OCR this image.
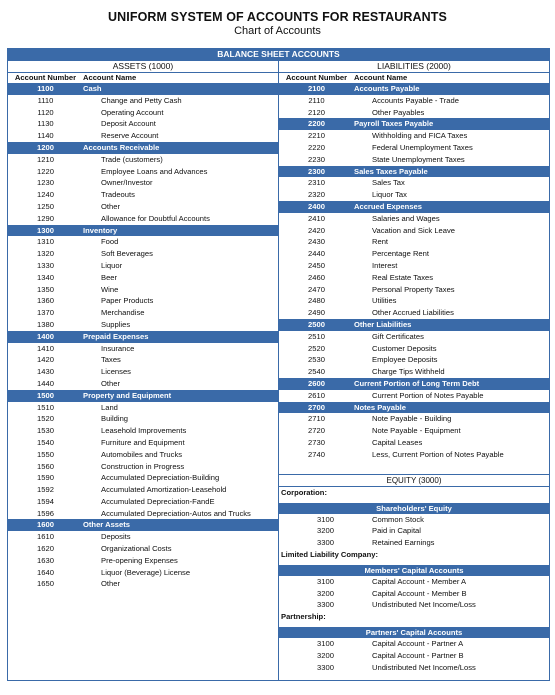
UNIFORM SYSTEM OF ACCOUNTS FOR RESTAURANTS
Chart of Accounts
BALANCE SHEET ACCOUNTS
ASSETS (1000)
Account Number Account Name
1100	Cash
1110	Change and Petty Cash
1120	Operating Account
1130	Deposit Account
1140	Reserve Account
1200	Accounts Receivable
1210	Trade (customers)
1220	Employee Loans and Advances
1230	Owner/Investor
1240	Tradeouts
1250	Other
1290	Allowance for Doubtful Accounts
1300	Inventory
1310	Food
1320	Soft Beverages
1330	Liquor
1340	Beer
1350	Wine
1360	Paper Products
1370	Merchandise
1380	Supplies
1400	Prepaid Expenses
1410	Insurance
1420	Taxes
1430	Licenses
1440	Other
1500	Property and Equipment
1510	Land
1520	Building
1530	Leasehold Improvements
1540	Furniture and Equipment
1550	Automobiles and Trucks
1560	Construction in Progress
1590	Accumulated Depreciation-Building
1592	Accumulated Amortization-Leasehold
1594	Accumulated Depreciation-FandE
1596	Accumulated Depreciation-Autos and Trucks
1600	Other Assets
1610	Deposits
1620	Organizational Costs
1630	Pre-opening Expenses
1640	Liquor (Beverage) License
1650	Other
LIABILITIES (2000)
Account Number Account Name
2100	Accounts Payable
2110	Accounts Payable - Trade
2120	Other Payables
2200	Payroll Taxes Payable
2210	Withholding and FICA Taxes
2220	Federal Unemployment Taxes
2230	State Unemployment Taxes
2300	Sales Taxes Payable
2310	Sales Tax
2320	Liquor Tax
2400	Accrued Expenses
2410	Salaries and Wages
2420	Vacation and Sick Leave
2430	Rent
2440	Percentage Rent
2450	Interest
2460	Real Estate Taxes
2470	Personal Property Taxes
2480	Utilities
2490	Other Accrued Liabilities
2500	Other Liabilities
2510	Gift Certificates
2520	Customer Deposits
2530	Employee Deposits
2540	Charge Tips Withheld
2600	Current Portion of Long Term Debt
2610	Current Portion of Notes Payable
2700	Notes Payable
2710	Note Payable - Building
2720	Note Payable - Equipment
2730	Capital Leases
2740	Less, Current Portion of Notes Payable
EQUITY (3000)
Corporation:
Shareholders' Equity
3100	Common Stock
3200	Paid in Capital
3300	Retained Earnings
Limited Liability Company:
Members' Capital Accounts
3100	Capital Account - Member A
3200	Capital Account - Member B
3300	Undistributed Net Income/Loss
Partnership:
Partners' Capital Accounts
3100	Capital Account - Partner A
3200	Capital Account - Partner B
3300	Undistributed Net Income/Loss
